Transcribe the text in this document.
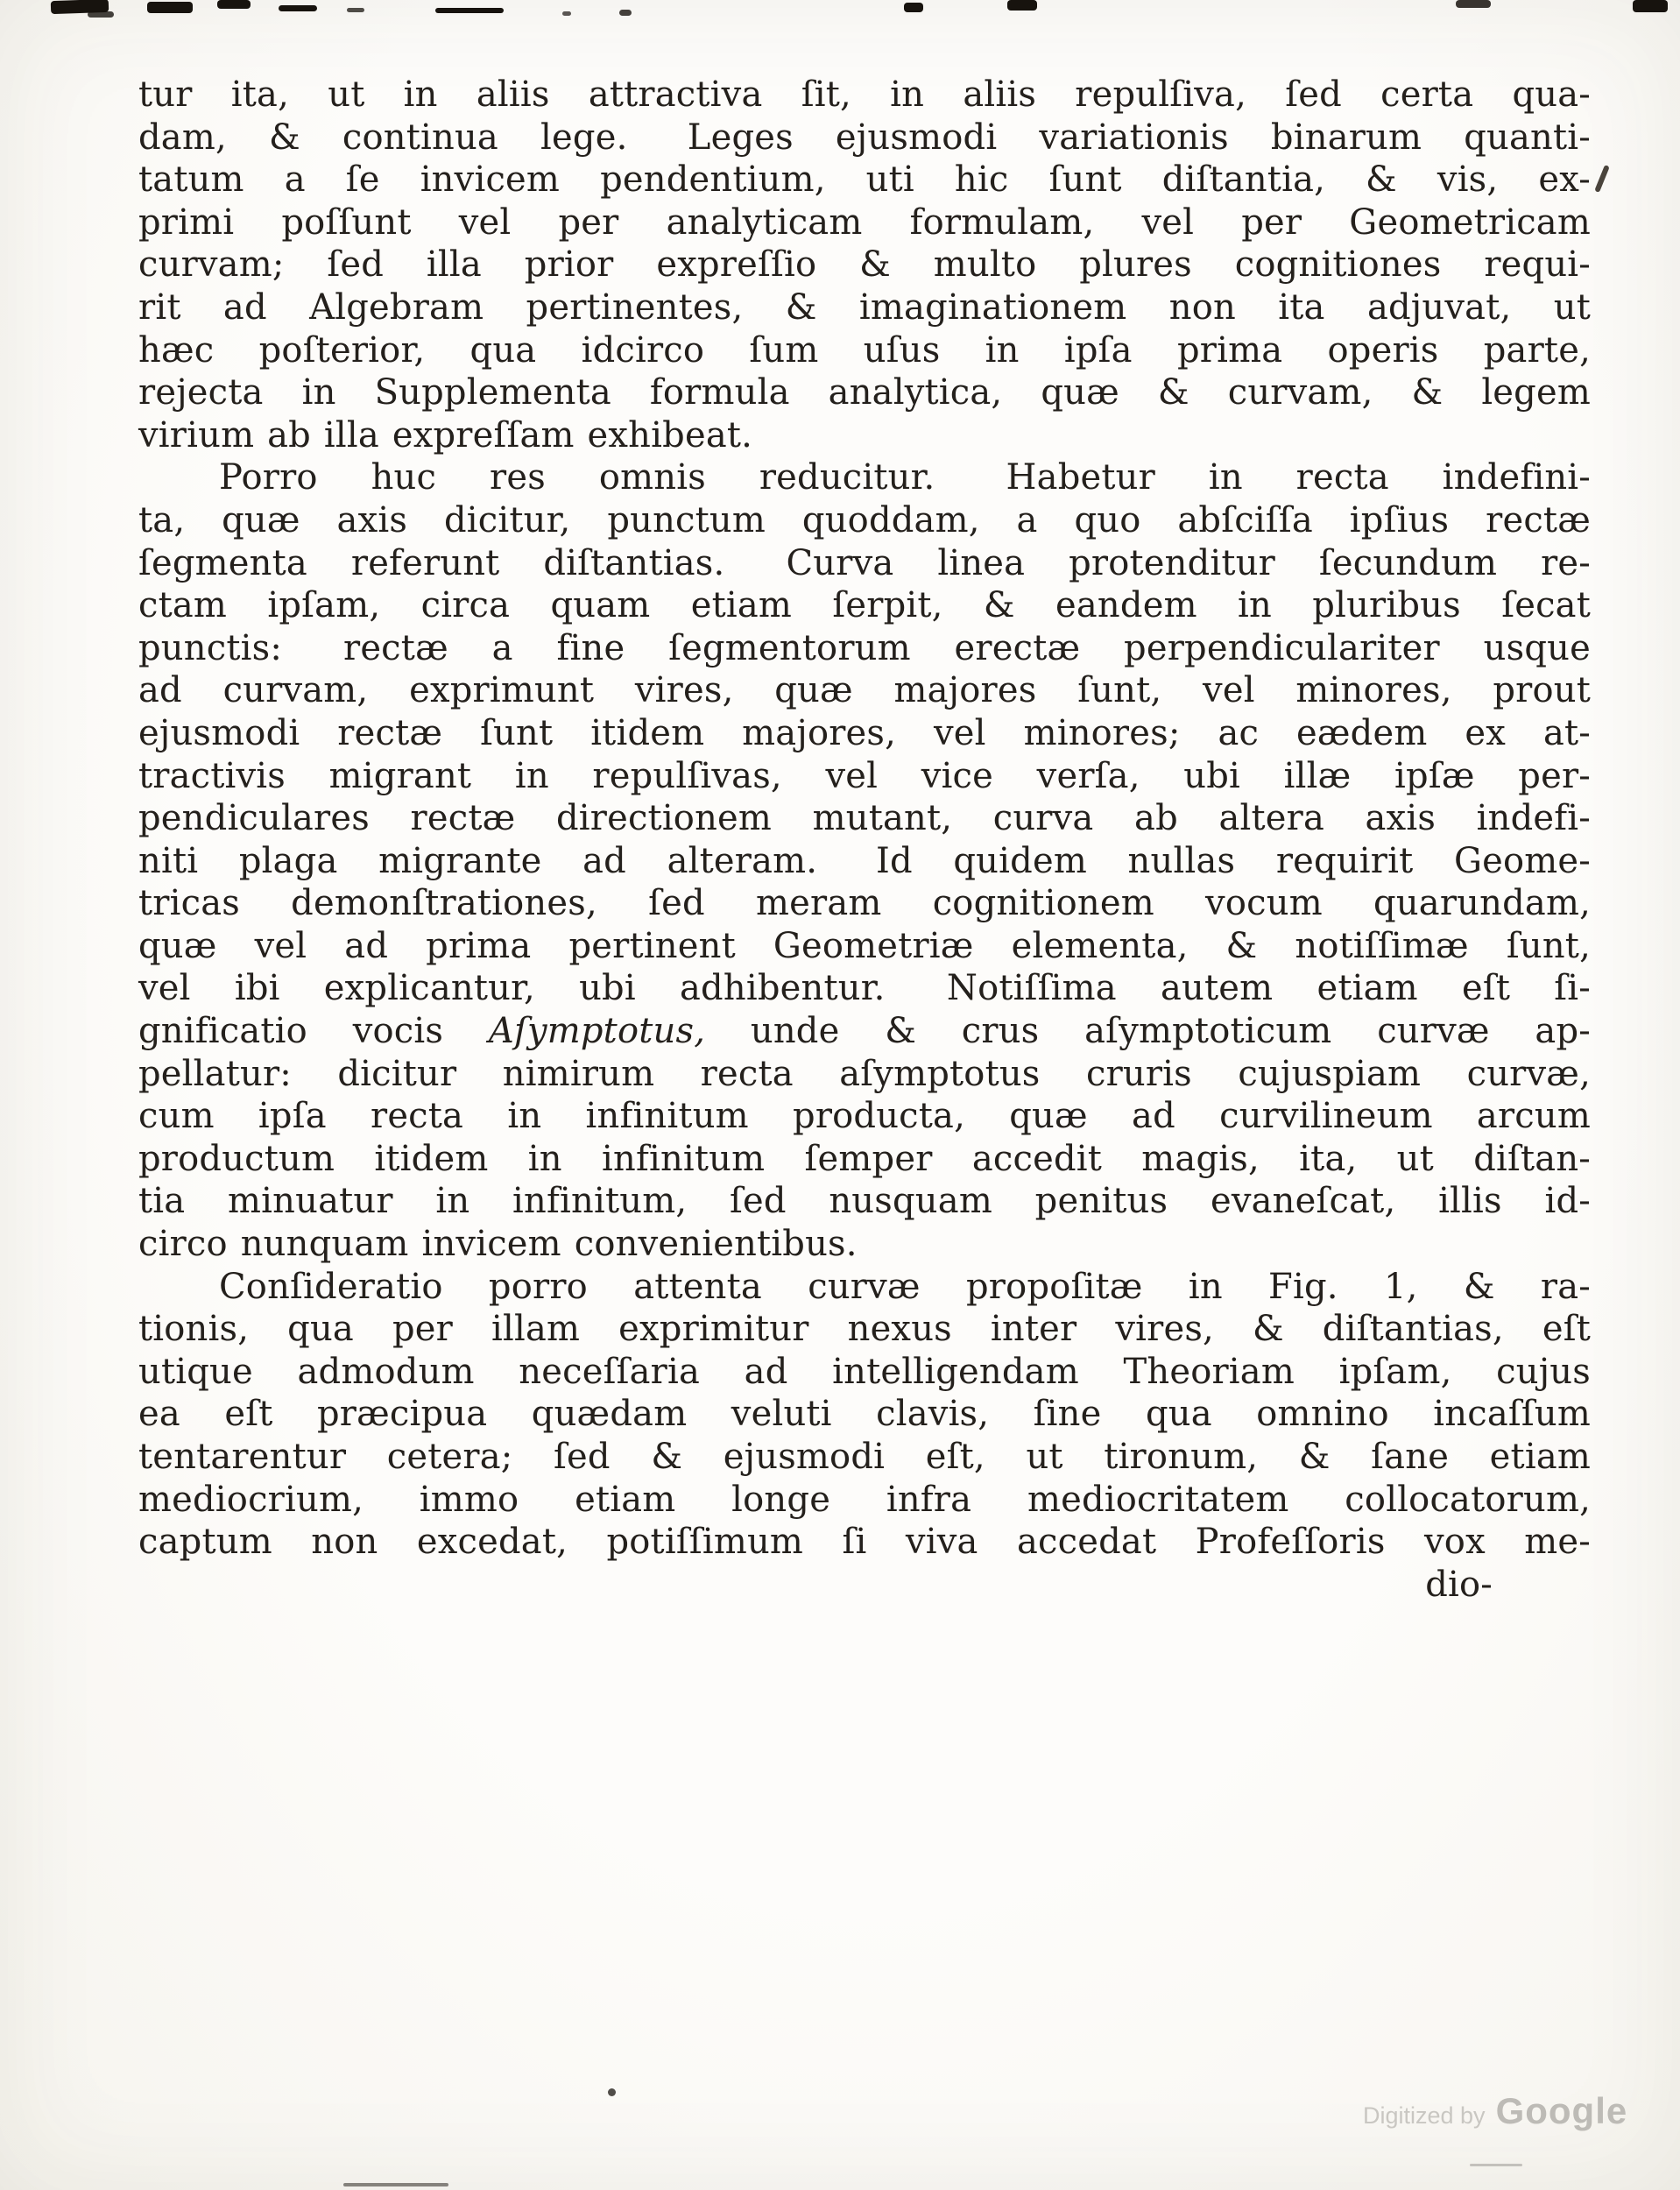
tur ita, ut in aliis attractiva ſit, in aliis repulſiva, ſed certa qua-
dam, & continua lege.  Leges ejusmodi variationis binarum quanti-
tatum a ſe invicem pendentium, uti hic ſunt diſtantia, & vis, ex-
primi poſſunt vel per analyticam formulam, vel per Geometricam
curvam; ſed illa prior expreſſio & multo plures cognitiones requi-
rit ad Algebram pertinentes, & imaginationem non ita adjuvat, ut
hæc poſterior, qua idcirco ſum uſus in ipſa prima operis parte,
rejecta in Supplementa formula analytica, quæ & curvam, & legem
virium ab illa expreſſam exhibeat.
Porro huc res omnis reducitur.  Habetur in recta indefini-
ta, quæ axis dicitur, punctum quoddam, a quo abſciſſa ipſius rectæ
ſegmenta referunt diſtantias.  Curva linea protenditur ſecundum re-
ctam ipſam, circa quam etiam ſerpit, & eandem in pluribus ſecat
punctis:  rectæ a fine ſegmentorum erectæ perpendiculariter usque
ad curvam, exprimunt vires, quæ majores ſunt, vel minores, prout
ejusmodi rectæ ſunt itidem majores, vel minores; ac eædem ex at-
tractivis migrant in repulſivas, vel vice verſa, ubi illæ ipſæ per-
pendiculares rectæ directionem mutant, curva ab altera axis indefi-
niti plaga migrante ad alteram.  Id quidem nullas requirit Geome-
tricas demonſtrationes, ſed meram cognitionem vocum quarundam,
quæ vel ad prima pertinent Geometriæ elementa, & notiſſimæ ſunt,
vel ibi explicantur, ubi adhibentur.  Notiſſima autem etiam eſt ſi-
gnificatio vocis Aſymptotus, unde & crus aſymptoticum curvæ ap-
pellatur: dicitur nimirum recta aſymptotus cruris cujuspiam curvæ,
cum ipſa recta in infinitum producta, quæ ad curvilineum arcum
productum itidem in infinitum ſemper accedit magis, ita, ut diſtan-
tia minuatur in infinitum, ſed nusquam penitus evaneſcat, illis id-
circo nunquam invicem convenientibus.
Conſideratio porro attenta curvæ propoſitæ in Fig. 1, & ra-
tionis, qua per illam exprimitur nexus inter vires, & diſtantias, eſt
utique admodum neceſſaria ad intelligendam Theoriam ipſam, cujus
ea eſt præcipua quædam veluti clavis, ſine qua omnino incaſſum
tentarentur cetera; ſed & ejusmodi eſt, ut tironum, & ſane etiam
mediocrium, immo etiam longe infra mediocritatem collocatorum,
captum non excedat, potiſſimum ſi viva accedat Profeſſoris vox me-
dio-
Digitized by Google
